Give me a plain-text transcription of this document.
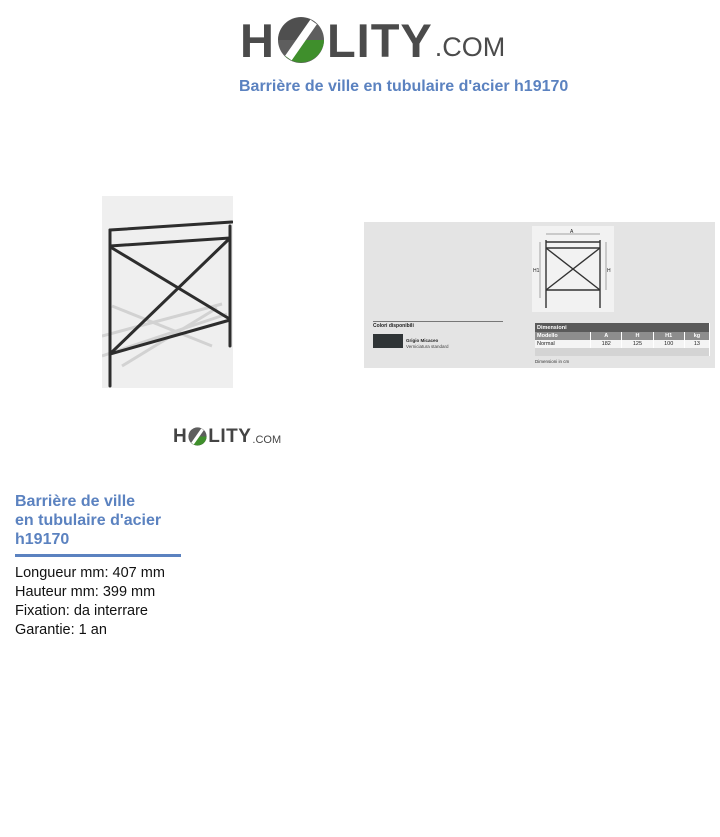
H LITY .COM
Barrière de ville en tubulaire d'acier h19170
H LITY .COM
A
H1	H
Colori disponibili
Grigio Micaceo
Verniciatura standard
Dimensioni				
Modello	A	H	H1	kg
Normal	182	125	100	13

Dimensioni in cm
Barrière de ville
en tubulaire d'acier
h19170
Longueur mm: 407 mm
Hauteur mm: 399 mm
Fixation: da interrare
Garantie: 1 an
